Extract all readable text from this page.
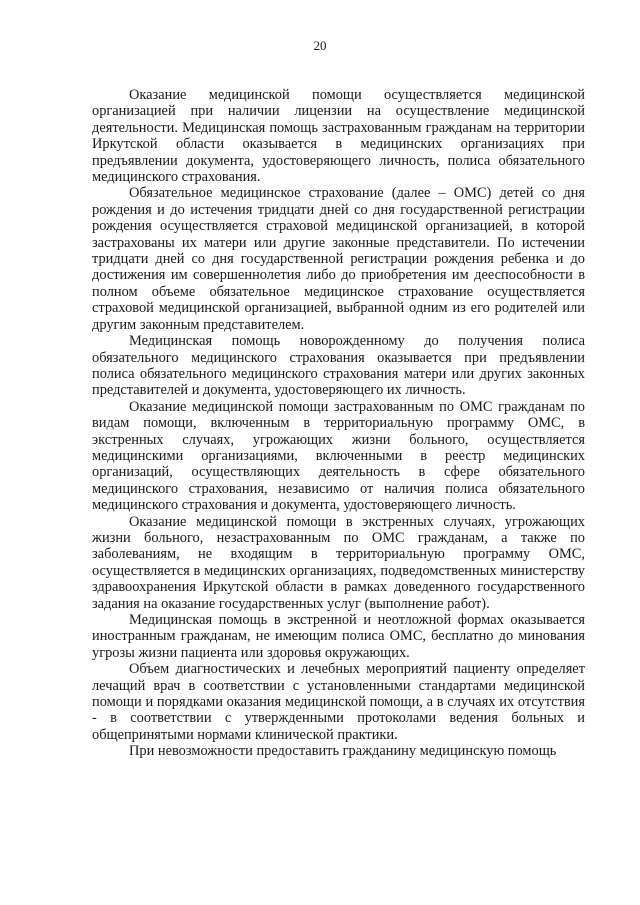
20

Оказание медицинской помощи осуществляется медицинской организацией при наличии лицензии на осуществление медицинской деятельности. Медицинская помощь застрахованным гражданам на территории Иркутской области оказывается в медицинских организациях при предъявлении документа, удостоверяющего личность, полиса обязательного медицинского страхования.

Обязательное медицинское страхование (далее – ОМС) детей со дня рождения и до истечения тридцати дней со дня государственной регистрации рождения осуществляется страховой медицинской организацией, в которой застрахованы их матери или другие законные представители. По истечении тридцати дней со дня государственной регистрации рождения ребенка и до достижения им совершеннолетия либо до приобретения им дееспособности в полном объеме обязательное медицинское страхование осуществляется страховой медицинской организацией, выбранной одним из его родителей или другим законным представителем.

Медицинская помощь новорожденному до получения полиса обязательного медицинского страхования оказывается при предъявлении полиса обязательного медицинского страхования матери или других законных представителей и документа, удостоверяющего их личность.

Оказание медицинской помощи застрахованным по ОМС гражданам по видам помощи, включенным в территориальную программу ОМС, в экстренных случаях, угрожающих жизни больного, осуществляется медицинскими организациями, включенными в реестр медицинских организаций, осуществляющих деятельность в сфере обязательного медицинского страхования, независимо от наличия полиса обязательного медицинского страхования и документа, удостоверяющего личность.

Оказание медицинской помощи в экстренных случаях, угрожающих жизни больного, незастрахованным по ОМС гражданам, а также по заболеваниям, не входящим в территориальную программу ОМС, осуществляется в медицинских организациях, подведомственных министерству здравоохранения Иркутской области в рамках доведенного государственного задания на оказание государственных услуг (выполнение работ).

Медицинская помощь в экстренной и неотложной формах оказывается иностранным гражданам, не имеющим полиса ОМС, бесплатно до минования угрозы жизни пациента или здоровья окружающих.

Объем диагностических и лечебных мероприятий пациенту определяет лечащий врач в соответствии с установленными стандартами медицинской помощи и порядками оказания медицинской помощи, а в случаях их отсутствия - в соответствии с утвержденными протоколами ведения больных и общепринятыми нормами клинической практики.

При невозможности предоставить гражданину медицинскую помощь
